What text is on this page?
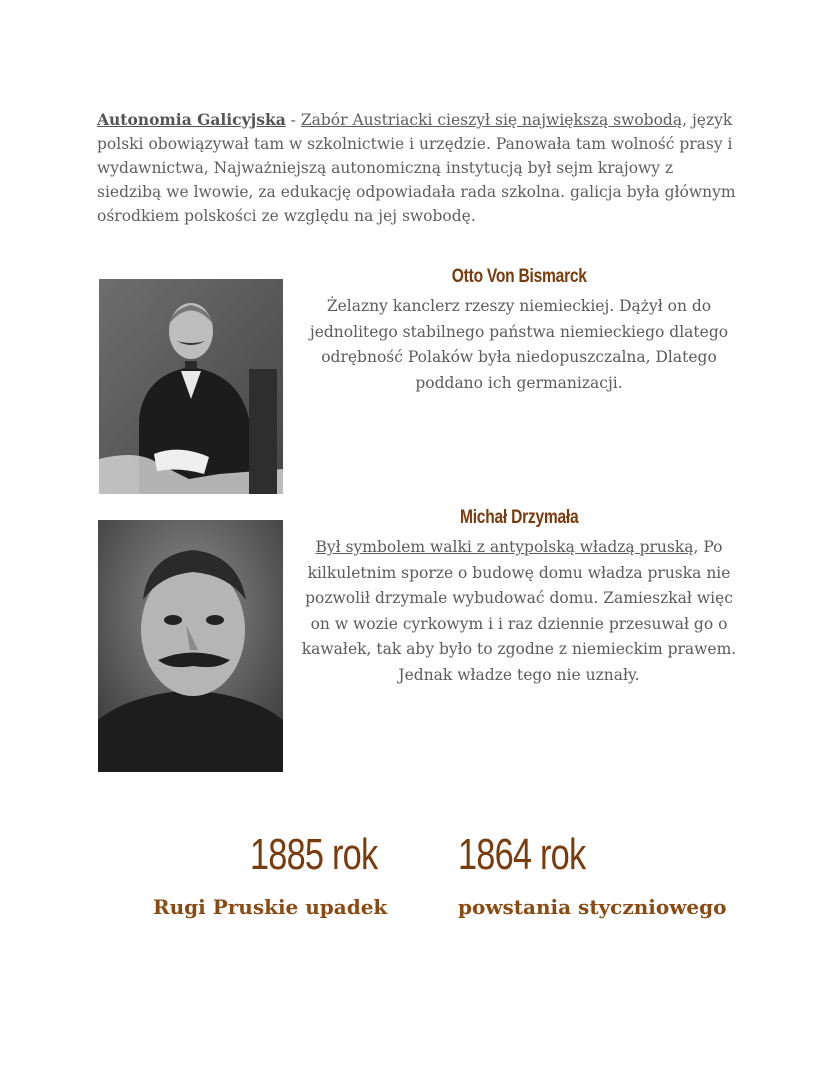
Autonomia Galicyjska - Zabór Austriacki cieszył się największą swobodą, język polski obowiązywał tam w szkolnictwie i urzędzie. Panowała tam wolność prasy i wydawnictwa, Najważniejszą autonomiczną instytucją był sejm krajowy z siedzibą we lwowie, za edukację odpowiadała rada szkolna. galicja była głównym ośrodkiem polskości ze względu na jej swobodę.
Otto Von Bismarck
Żelazny kanclerz rzeszy niemieckiej. Dążył on do jednolitego stabilnego państwa niemieckiego dlatego odrębność Polaków była niedopuszczalna, Dlatego poddano ich germanizacji.
Michał Drzymała
Był symbolem walki z antypolską władzą pruską, Po kilkuletnim sporze o budowę domu władza pruska nie pozwolił drzymale wybudować domu. Zamieszkał więc on w wozie cyrkowym i i raz dziennie przesuwał go o kawałek, tak aby było to zgodne z niemieckim prawem. Jednak władze tego nie uznały.
1885 rok
Rugi Pruskie upadek
1864 rok
powstania styczniowego
